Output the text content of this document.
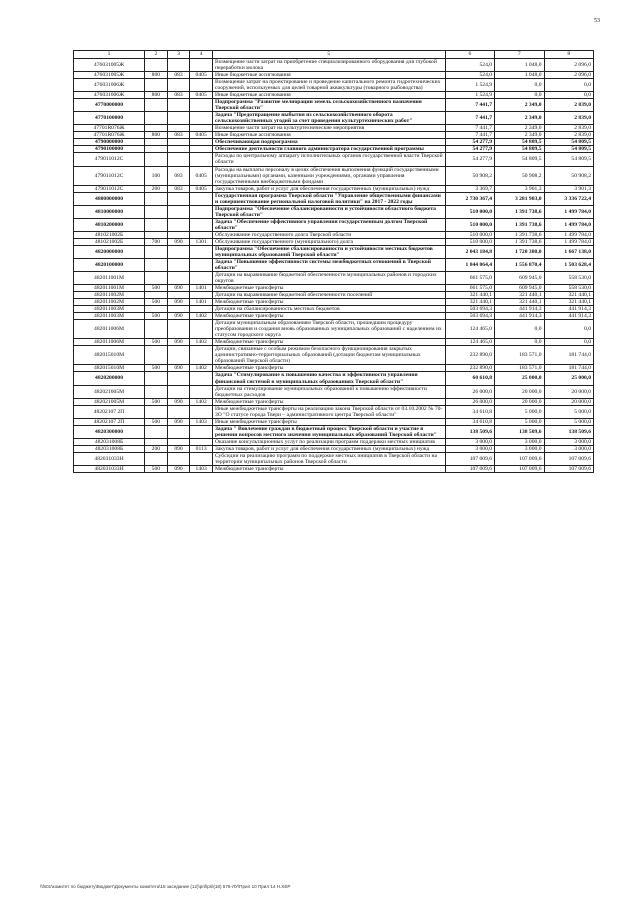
53
1	2	3	4	5	6	7	8
476031005Ж				Возмещение части затрат на приобретение специализированного оборудования для глубокой переработки молока	524,0	1 048,0	2 096,0
476031005Ж	800	083	0405	Иные бюджетные ассигнования	524,0	1 048,0	2 096,0
476031006Ж				Возмещение затрат на проектирование и проведение капитального ремонта гидротехнических сооружений, используемых для целей товарной аквакультуры (товарного рыбоводства)	1 524,9	0,0	0,0
476031006Ж	800	083	0405	Иные бюджетные ассигнования	1 524,9	0,0	0,0
4770000000				Подпрограмма "Развитие мелиорации земель сельскохозяйственного назначения Тверской области"	7 441,7	2 349,0	2 839,0
4770100000				Задача "Предотвращение выбытия из сельскохозяйственного оборота сельскохозяйственных угодий за счет проведения культуртехнических работ"	7 441,7	2 349,0	2 839,0
47701R076Ж				Возмещение части затрат на культуртехнические мероприятия	7 441,7	2 349,0	2 839,0
47701R076Ж	800	083	0405	Иные бюджетные ассигнования	7 441,7	2 349,0	2 839,0
4790000000				Обеспечивающая подпрограмма	54 277,9	54 809,5	54 809,5
4790100000				Обеспечение деятельности главного администратора государственной программы	54 277,9	54 809,5	54 809,5
479011012С				Расходы по центральному аппарату исполнительных органов государственной власти Тверской области	54 277,9	54 809,5	54 809,5
479011012С	100	083	0405	Расходы на выплаты персоналу в целях обеспечения выполнения функций государственными (муниципальными) органами, казенными учреждениями, органами управления государственными внебюджетными фондами	50 908,2	50 908,2	50 908,2
479011012С	200	083	0405	Закупка товаров, работ и услуг для обеспечения государственных (муниципальных) нужд	3 369,7	3 901,3	3 901,3
4800000000				Государственная программа Тверской области "Управление общественными финансами и совершенствование региональной налоговой политики" на 2017 - 2022 годы	2 730 367,4	3 281 903,0	3 336 722,4
4810000000				Подпрограмма "Обеспечение сбалансированности и устойчивости областного бюджета Тверской области"	510 000,0	1 391 738,6	1 499 784,0
4810200000				Задача "Обеспечение эффективного управления государственным долгом Тверской области"	510 000,0	1 391 738,6	1 499 784,0
481021002Б				Обслуживание государственного долга Тверской области	510 000,0	1 391 738,6	1 499 784,0
481021002Б	700	090	1301	Обслуживание государственного (муниципального) долга	510 000,0	1 391 738,6	1 499 784,0
4820000000				Подпрограмма "Обеспечение сбалансированности и устойчивости местных бюджетов муниципальных образований Тверской области"	2 043 184,8	1 720 380,0	1 667 138,0
4820100000				Задача "Повышение эффективности системы межбюджетных отношений в Тверской области"	1 844 064,4	1 556 870,4	1 503 628,4
482011001М				Дотации на выравнивание бюджетной обеспеченности муниципальных районов и городских округов	661 575,0	609 945,0	558 530,0
482011001М	500	090	1401	Межбюджетные трансферты	661 575,0	609 945,0	558 530,0
482011002М				Дотации на выравнивание бюджетной обеспеченности поселений	321 440,1	321 440,1	321 440,1
482011002М	500	090	1401	Межбюджетные трансферты	321 440,1	321 440,1	321 440,1
482011003М				Дотации на сбалансированность местных бюджетов	503 694,3	441 914,3	441 914,3
482011003М	500	090	1402	Межбюджетные трансферты	503 694,3	441 914,3	441 914,3
482011006М				Дотации муниципальным образованиям Тверской области, прошедшим процедуру преобразования и создания вновь образованных муниципальных образований с наделением их статусом городского округа	124 465,0	0,0	0,0
482011006М	500	090	1402	Межбюджетные трансферты	124 465,0	0,0	0,0
482015010М				Дотации, связанные с особым режимом безопасного функционирования закрытых административно-территориальных образований (дотации бюджетам муниципальных образований Тверской области)	232 890,0	183 571,0	181 744,0
482015010М	500	090	1402	Межбюджетные трансферты	232 890,0	183 571,0	181 744,0
4820200000				Задача "Стимулирование к повышению качества и эффективности управления финансовой системой в муниципальных образованиях Тверской области"	60 610,8	25 000,0	25 000,0
482021005М				Дотации на стимулирование муниципальных образований к повышению эффективности бюджетных расходов	26 000,0	20 000,0	20 000,0
482021005М	500	090	1402	Межбюджетные трансферты	26 000,0	20 000,0	20 000,0
48202107 2П				Иные межбюджетные трансферты на реализацию закона Тверской области от 03.10.2002 № 70-ЗО "О статусе города Твери – административного центра Тверской области"	34 610,8	5 000,0	5 000,0
48202107 2П	500	090	1403	Иные межбюджетные трансферты	34 610,8	5 000,0	5 000,0
4820300000				Задача " Вовлечение граждан в бюджетный процесс Тверской области и участие в решении вопросов местного значения муниципальных образований Тверской области"	138 509,6	138 509,6	138 509,6
482031008Б				Оказание консультационных услуг по реализации программ поддержки местных инициатив	3 000,0	3 000,0	3 000,0
482031008Б	200	090	0113	Закупка товаров, работ и услуг для обеспечения государственных (муниципальных) нужд	3 000,0	3 000,0	3 000,0
482031033Н				Субсидии на реализацию программ по поддержке местных инициатив в Тверской области на территории муниципальных районов Тверской области	107 009,6	107 009,6	107 009,6
482031033Н	500	090	1403	Межбюджетные трансферты	107 009,6	107 009,6	107 009,6
\\fs01\комитет по бюджету\Бюджет\Документы комитета\18 заседание (12)\pril\pril(18) 576-ЛУ\Прил 10 Прил 14 Н.ХЕР
